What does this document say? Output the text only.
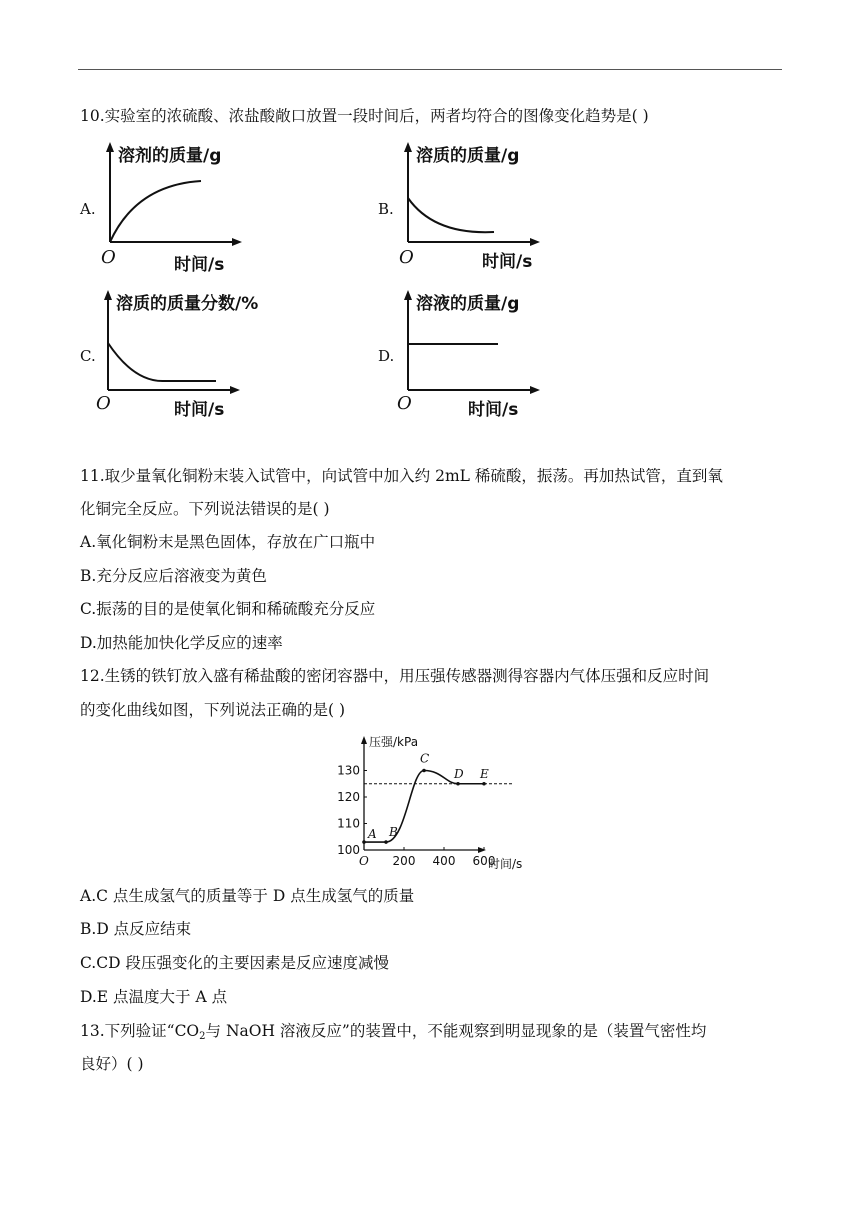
10.实验室的浓硫酸、浓盐酸敞口放置一段时间后，两者均符合的图像变化趋势是( )
A.
溶剂的质量/g
O	时间/s
B.
溶质的质量/g
O	时间/s
C.
溶质的质量分数/%
O	时间/s
D.
溶液的质量/g
O	时间/s
11.取少量氧化铜粉末装入试管中，向试管中加入约 2mL 稀硫酸，振荡。再加热试管，直到氧
化铜完全反应。下列说法错误的是( )
A.氧化铜粉末是黑色固体，存放在广口瓶中
B.充分反应后溶液变为黄色
C.振荡的目的是使氧化铜和稀硫酸充分反应
D.加热能加快化学反应的速率
12.生锈的铁钉放入盛有稀盐酸的密闭容器中，用压强传感器测得容器内气体压强和反应时间
的变化曲线如图，下列说法正确的是( )
压强/kPa
时间/s
O
100
110
120
130
200 400 600
A B
C
D E
A.C 点生成氢气的质量等于 D 点生成氢气的质量
B.D 点反应结束
C.CD 段压强变化的主要因素是反应速度减慢
D.E 点温度大于 A 点
13.下列验证“$CO_2$与 NaOH 溶液反应”的装置中，不能观察到明显现象的是（装置气密性均
良好）( )
